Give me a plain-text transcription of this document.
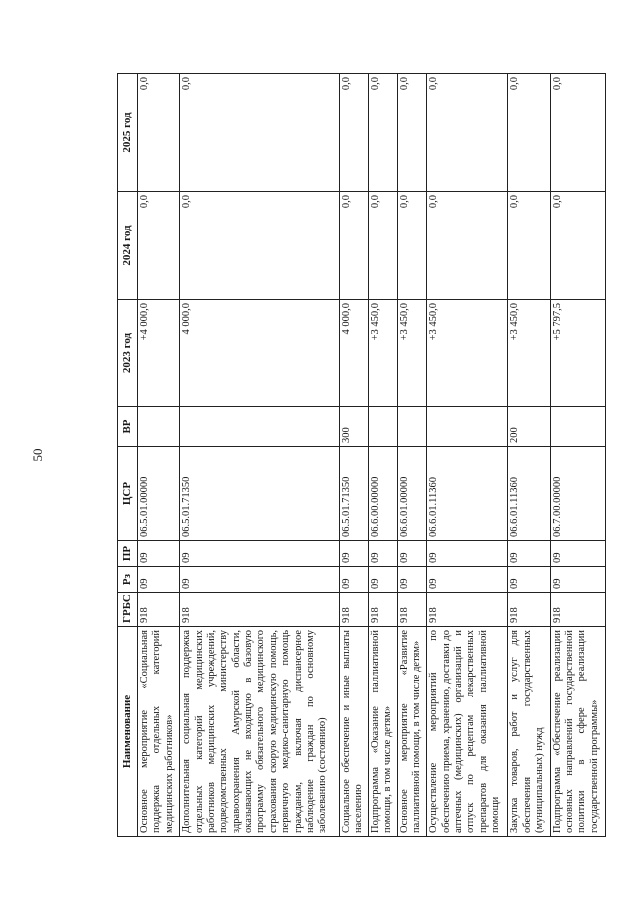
50
Наименование	ГРБС	Рз	ПР	ЦСР	ВР	2023 год	2024 год	2025 год
Основное мероприятие «Социальная поддержка отдельных категорий медицинских работников»	918	09	09	06.5.01.00000		+4 000,0	0,0	0,0
Дополнительная социальная поддержка отдельных категорий медицинских работников медицинских учреждений, подведомственных министерству здравоохранения Амурской области, оказывающих не входящую в базовую программу обязательного медицинского страхования скорую медицинскую помощь, первичную медико-санитарную помощь гражданам, включая диспансерное наблюдение граждан по основному заболеванию (состоянию)	918	09	09	06.5.01.71350		4 000,0	0,0	0,0
Социальное обеспечение и иные выплаты населению	918	09	09	06.5.01.71350	300	4 000,0	0,0	0,0
Подпрограмма «Оказание паллиативной помощи, в том числе детям»	918	09	09	06.6.00.00000		+3 450,0	0,0	0,0
Основное мероприятие «Развитие паллиативной помощи, в том числе детям»	918	09	09	06.6.01.00000		+3 450,0	0,0	0,0
Осуществление мероприятий по обеспечению приема, хранению, доставки до аптечных (медицинских) организаций и отпуск по рецептам лекарственных препаратов для оказания паллиативной помощи	918	09	09	06.6.01.11360		+3 450,0	0,0	0,0
Закупка товаров, работ и услуг для обеспечения государственных (муниципальных) нужд	918	09	09	06.6.01.11360	200	+3 450,0	0,0	0,0
Подпрограмма «Обеспечение реализации основных направлений государственной политики в сфере реализации государственной программы»	918	09	09	06.7.00.00000		+5 797,5	0,0	0,0
